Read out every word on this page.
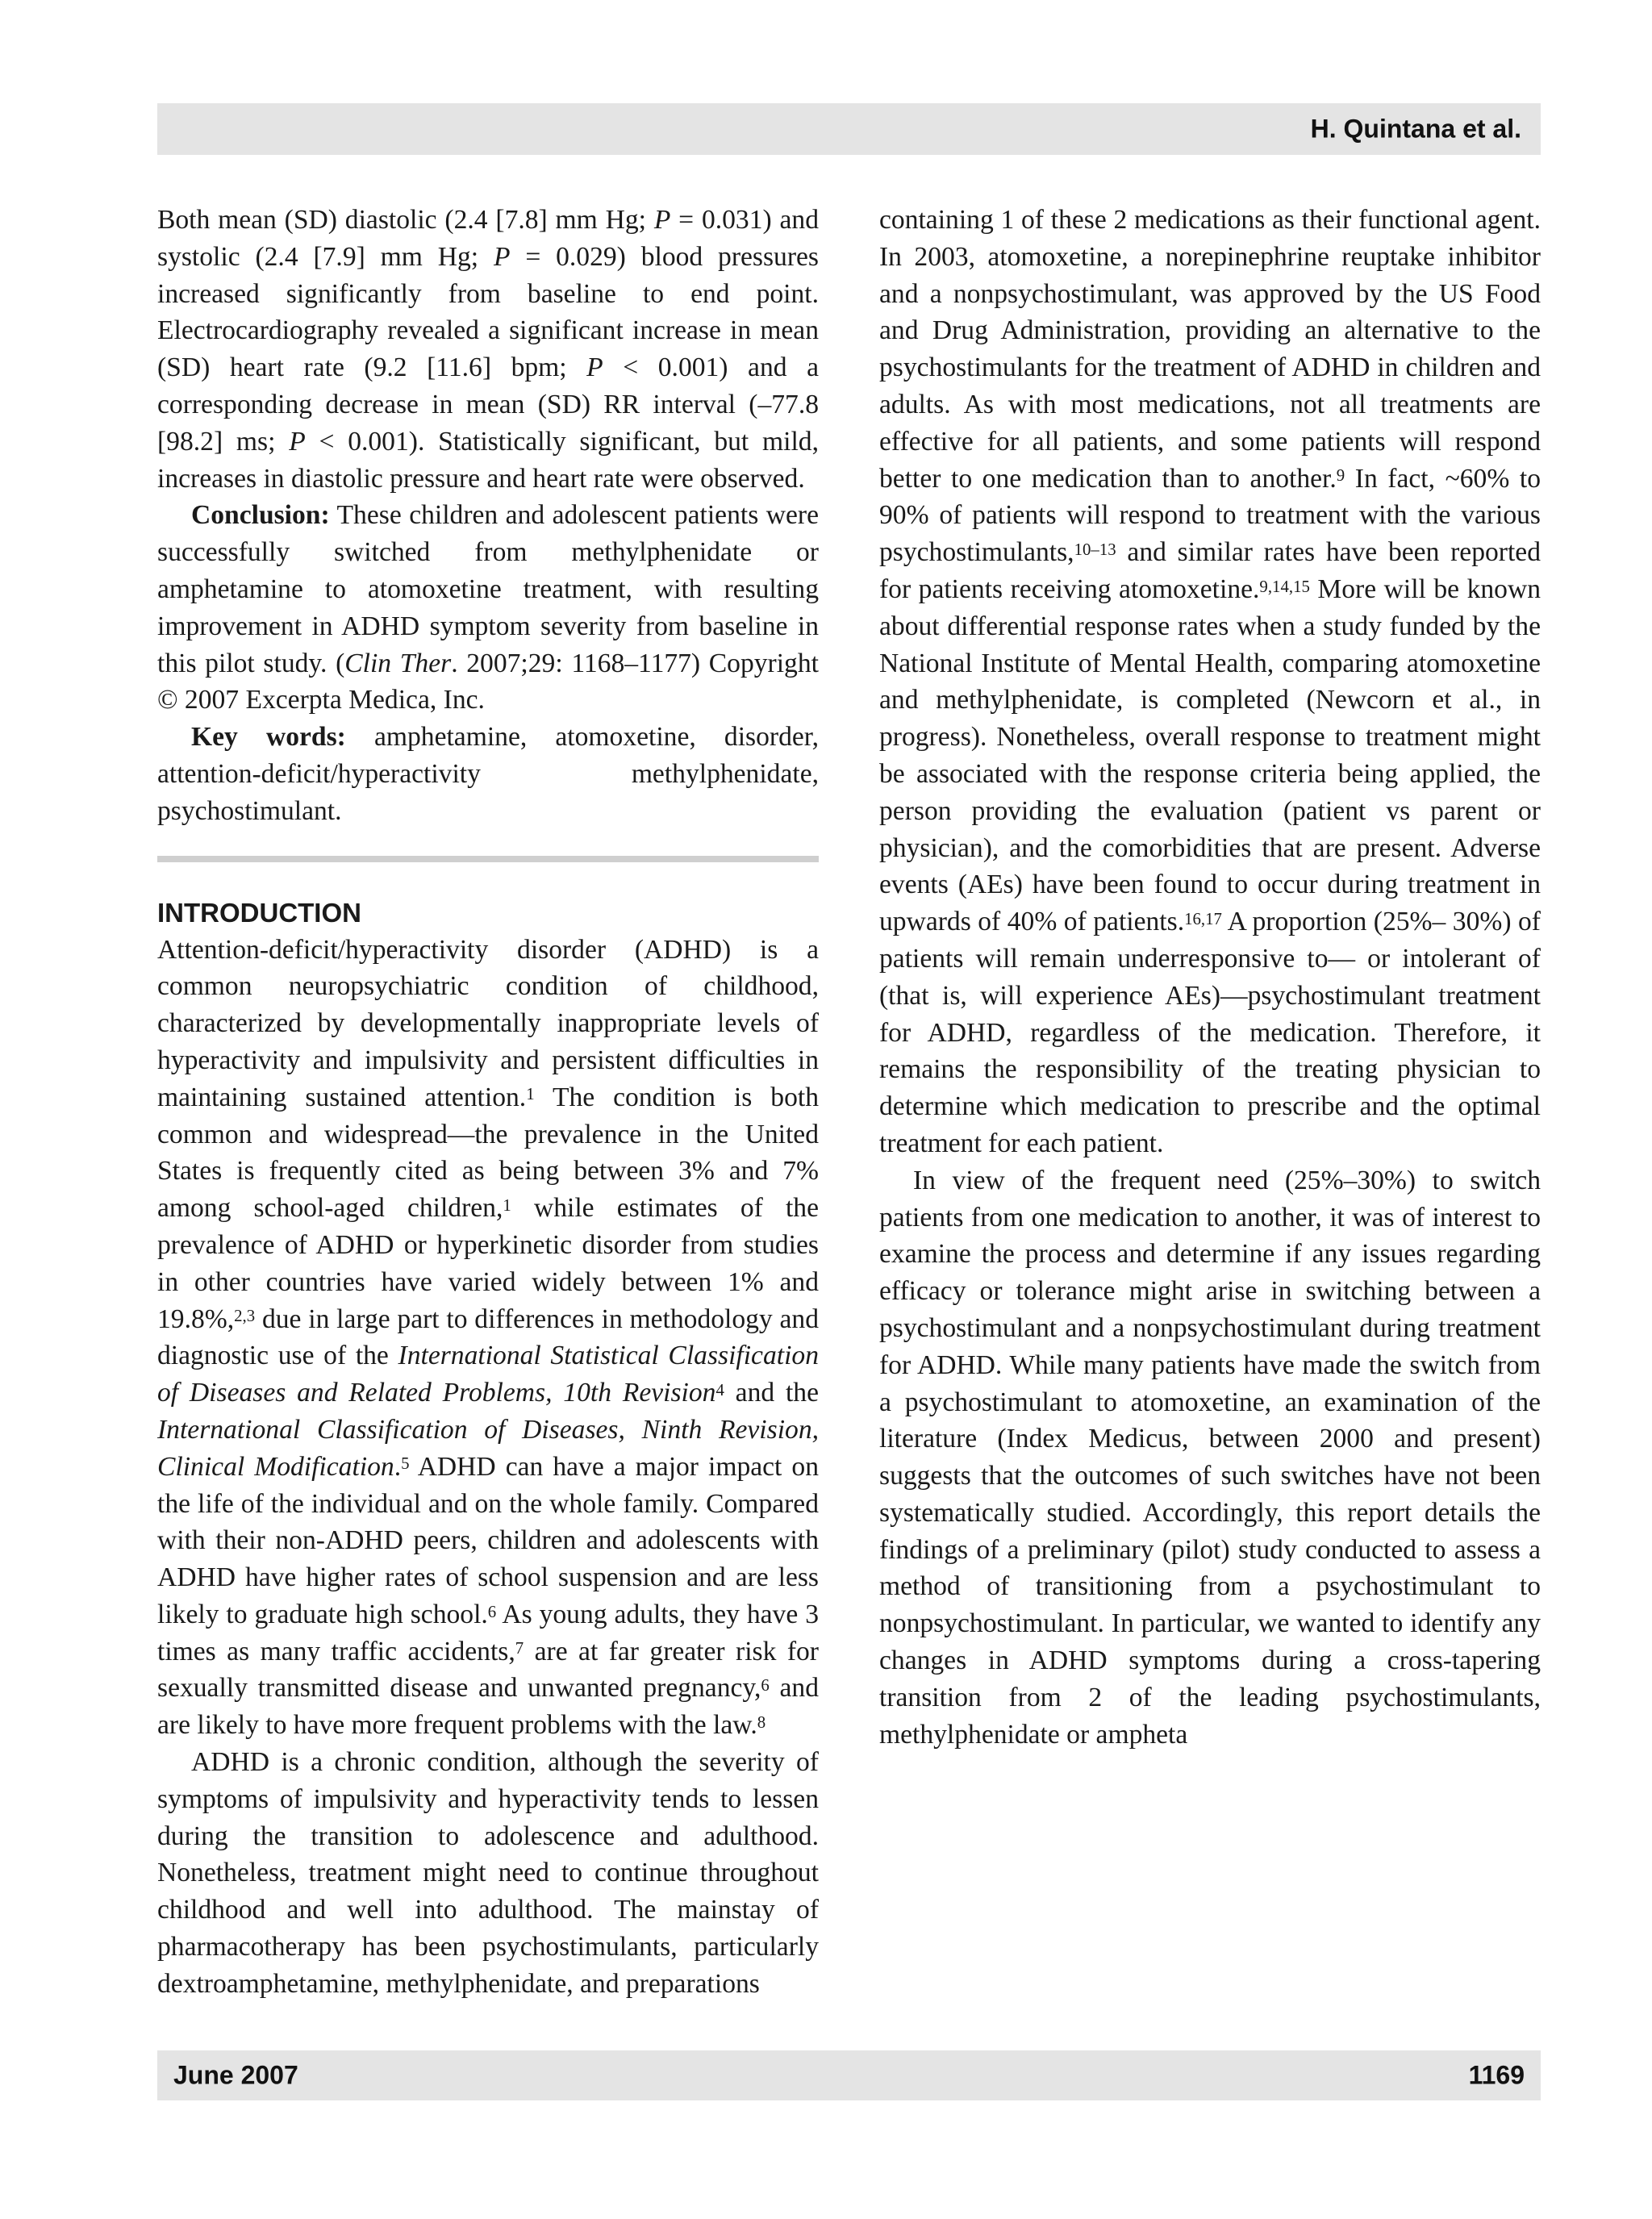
H. Quintana et al.

Both mean (SD) diastolic (2.4 [7.8] mm Hg; P = 0.031) and systolic (2.4 [7.9] mm Hg; P = 0.029) blood pressures increased significantly from baseline to end point. Electrocardiography revealed a significant increase in mean (SD) heart rate (9.2 [11.6] bpm; P < 0.001) and a corresponding decrease in mean (SD) RR interval (–77.8 [98.2] ms; P < 0.001). Statistically significant, but mild, increases in diastolic pressure and heart rate were observed.

Conclusion: These children and adolescent patients were successfully switched from methylphenidate or amphetamine to atomoxetine treatment, with resulting improvement in ADHD symptom severity from baseline in this pilot study. (Clin Ther. 2007;29: 1168–1177) Copyright © 2007 Excerpta Medica, Inc.

Key words: amphetamine, atomoxetine, disorder, attention-deficit/hyperactivity methylphenidate, psychostimulant.

INTRODUCTION

Attention-deficit/hyperactivity disorder (ADHD) is a common neuropsychiatric condition of childhood, characterized by developmentally inappropriate levels of hyperactivity and impulsivity and persistent difficulties in maintaining sustained attention.$^1$ The condition is both common and widespread—the prevalence in the United States is frequently cited as being between 3% and 7% among school-aged children,$^1$ while estimates of the prevalence of ADHD or hyperkinetic disorder from studies in other countries have varied widely between 1% and 19.8%,$^{2,3}$ due in large part to differences in methodology and diagnostic use of the International Statistical Classification of Diseases and Related Problems, 10th Revision$^4$ and the International Classification of Diseases, Ninth Revision, Clinical Modification.$^5$ ADHD can have a major impact on the life of the individual and on the whole family. Compared with their non-ADHD peers, children and adolescents with ADHD have higher rates of school suspension and are less likely to graduate high school.$^6$ As young adults, they have 3 times as many traffic accidents,$^7$ are at far greater risk for sexually transmitted disease and unwanted pregnancy,$^6$ and are likely to have more frequent problems with the law.$^8$

ADHD is a chronic condition, although the severity of symptoms of impulsivity and hyperactivity tends to lessen during the transition to adolescence and adulthood. Nonetheless, treatment might need to continue throughout childhood and well into adulthood. The mainstay of pharmacotherapy has been psychostimulants, particularly dextroamphetamine, methylphenidate, and preparations

containing 1 of these 2 medications as their functional agent. In 2003, atomoxetine, a norepinephrine reuptake inhibitor and a nonpsychostimulant, was approved by the US Food and Drug Administration, providing an alternative to the psychostimulants for the treatment of ADHD in children and adults. As with most medications, not all treatments are effective for all patients, and some patients will respond better to one medication than to another.$^9$ In fact, ~60% to 90% of patients will respond to treatment with the various psychostimulants,$^{10-13}$ and similar rates have been reported for patients receiving atomoxetine.$^{9,14,15}$ More will be known about differential response rates when a study funded by the National Institute of Mental Health, comparing atomoxetine and methylphenidate, is completed (Newcorn et al., in progress). Nonetheless, overall response to treatment might be associated with the response criteria being applied, the person providing the evaluation (patient vs parent or physician), and the comorbidities that are present. Adverse events (AEs) have been found to occur during treatment in upwards of 40% of patients.$^{16,17}$ A proportion (25%– 30%) of patients will remain underresponsive to— or intolerant of (that is, will experience AEs)—psychostimulant treatment for ADHD, regardless of the medication. Therefore, it remains the responsibility of the treating physician to determine which medication to prescribe and the optimal treatment for each patient.

In view of the frequent need (25%–30%) to switch patients from one medication to another, it was of interest to examine the process and determine if any issues regarding efficacy or tolerance might arise in switching between a psychostimulant and a nonpsychostimulant during treatment for ADHD. While many patients have made the switch from a psychostimulant to atomoxetine, an examination of the literature (Index Medicus, between 2000 and present) suggests that the outcomes of such switches have not been systematically studied. Accordingly, this report details the findings of a preliminary (pilot) study conducted to assess a method of transitioning from a psychostimulant to nonpsychostimulant. In particular, we wanted to identify any changes in ADHD symptoms during a cross-tapering transition from 2 of the leading psychostimulants, methylphenidate or ampheta

June 2007	1169
